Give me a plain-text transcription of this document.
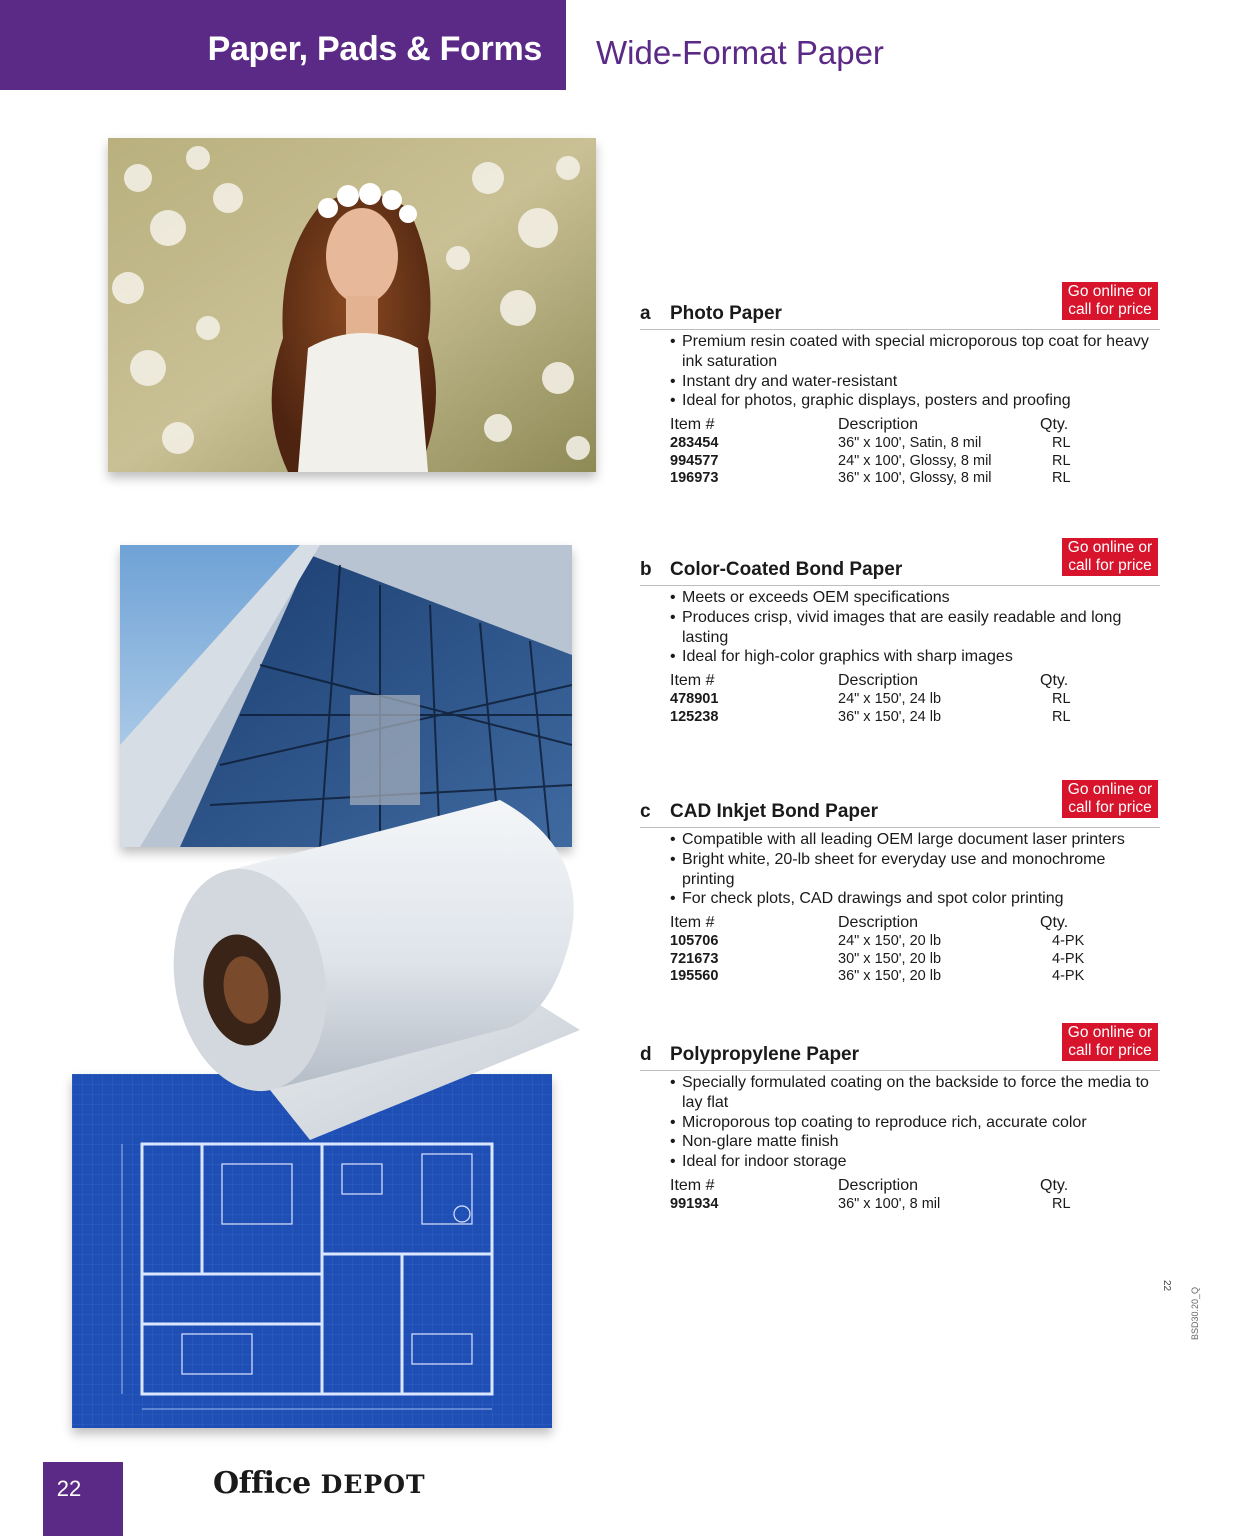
Paper, Pads & Forms Wide-Format Paper
a Photo Paper
Go online or
call for price
• Premium resin coated with special microporous top coat for heavy ink saturation
• Instant dry and water-resistant
• Ideal for photos, graphic displays, posters and proofing
Item #	Description	Qty.
283454	36" x 100', Satin, 8 mil	RL
994577	24" x 100', Glossy, 8 mil	RL
196973	36" x 100', Glossy, 8 mil	RL
b Color-Coated Bond Paper
Go online or
call for price
• Meets or exceeds OEM specifications
• Produces crisp, vivid images that are easily readable and long lasting
• Ideal for high-color graphics with sharp images
Item #	Description	Qty.
478901	24" x 150', 24 lb	RL
125238	36" x 150', 24 lb	RL
c CAD Inkjet Bond Paper
Go online or
call for price
• Compatible with all leading OEM large document laser printers
• Bright white, 20-lb sheet for everyday use and monochrome printing
• For check plots, CAD drawings and spot color printing
Item #	Description	Qty.
105706	24" x 150', 20 lb	4-PK
721673	30" x 150', 20 lb	4-PK
195560	36" x 150', 20 lb	4-PK
d Polypropylene Paper
Go online or
call for price
• Specially formulated coating on the backside to force the media to lay flat
• Microporous top coating to reproduce rich, accurate color
• Non-glare matte finish
• Ideal for indoor storage
Item #	Description	Qty.
991934	36" x 100', 8 mil	RL
22
BSD30.20_Q
22	Office DEPOT
